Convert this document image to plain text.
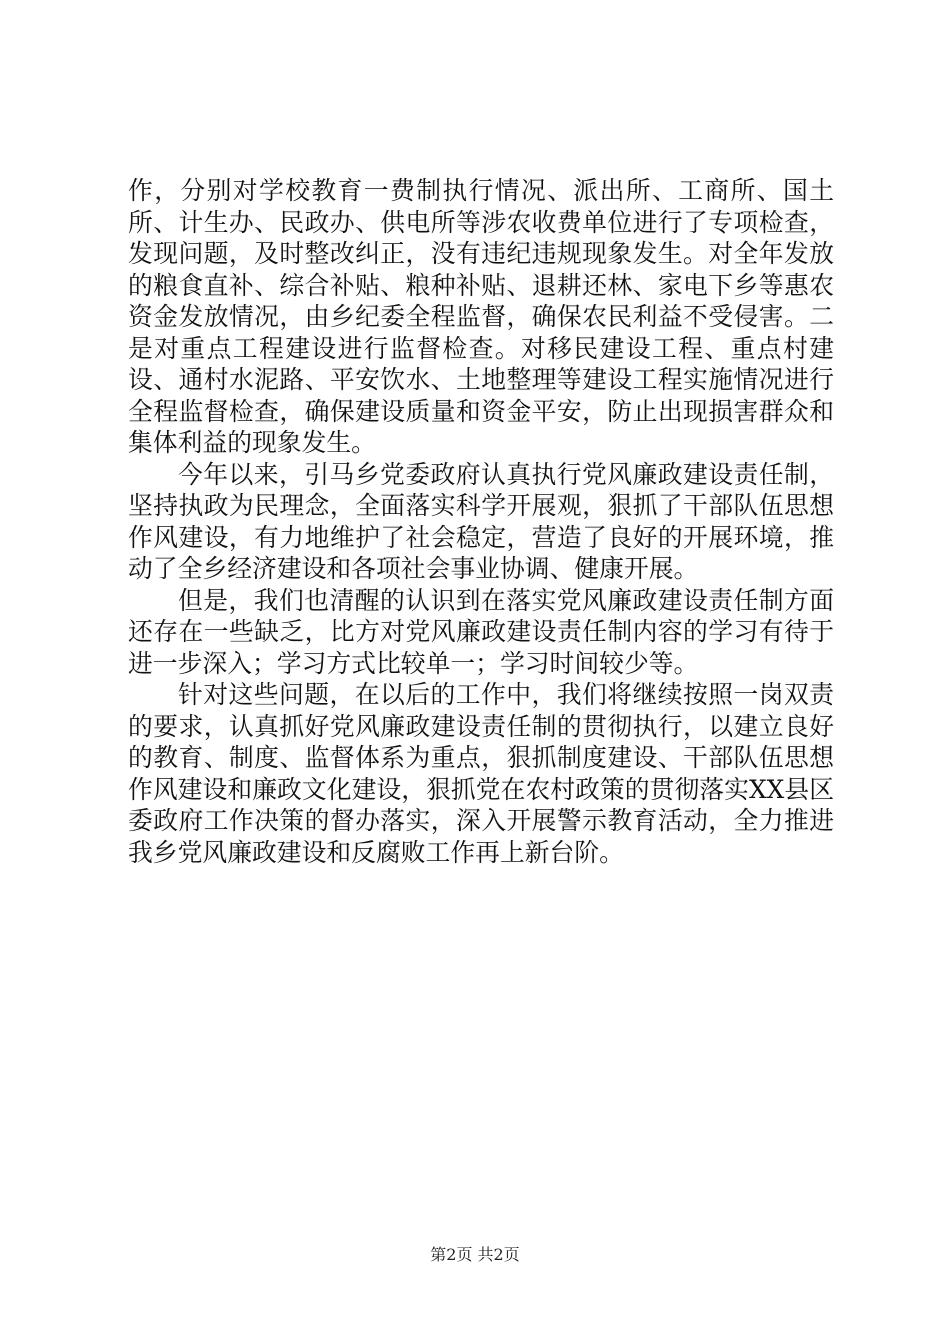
作，分别对学校教育一费制执行情况、派出所、工商所、国土所、计生办、民政办、供电所等涉农收费单位进行了专项检查，发现问题，及时整改纠正，没有违纪违规现象发生。对全年发放的粮食直补、综合补贴、粮种补贴、退耕还林、家电下乡等惠农资金发放情况，由乡纪委全程监督，确保农民利益不受侵害。二是对重点工程建设进行监督检查。对移民建设工程、重点村建设、通村水泥路、平安饮水、土地整理等建设工程实施情况进行全程监督检查，确保建设质量和资金平安，防止出现损害群众和集体利益的现象发生。

今年以来，引马乡党委政府认真执行党风廉政建设责任制，坚持执政为民理念，全面落实科学开展观，狠抓了干部队伍思想作风建设，有力地维护了社会稳定，营造了良好的开展环境，推动了全乡经济建设和各项社会事业协调、健康开展。

但是，我们也清醒的认识到在落实党风廉政建设责任制方面还存在一些缺乏，比方对党风廉政建设责任制内容的学习有待于进一步深入；学习方式比较单一；学习时间较少等。

针对这些问题，在以后的工作中，我们将继续按照一岗双责的要求，认真抓好党风廉政建设责任制的贯彻执行，以建立良好的教育、制度、监督体系为重点，狠抓制度建设、干部队伍思想作风建设和廉政文化建设，狠抓党在农村政策的贯彻落实XX县区委政府工作决策的督办落实，深入开展警示教育活动，全力推进我乡党风廉政建设和反腐败工作再上新台阶。

第2页 共2页
